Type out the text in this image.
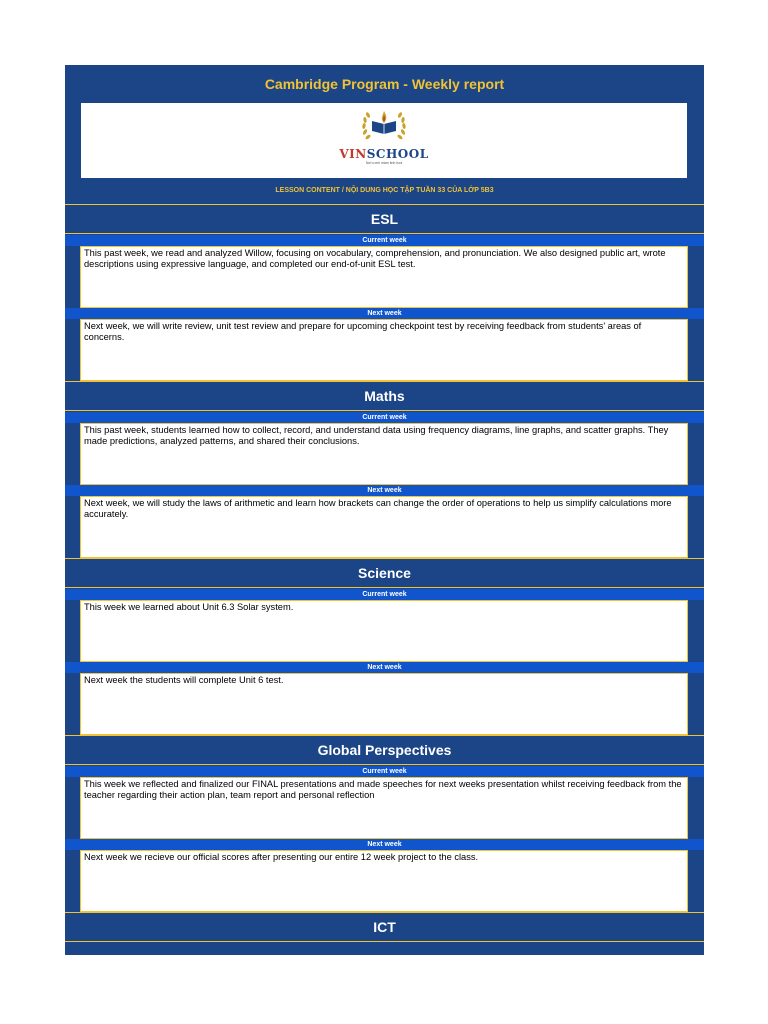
Cambridge Program - Weekly report
VINSCHOOL
Nơi ươm mầm tinh hoa
LESSON CONTENT / NỘI DUNG HỌC TẬP TUẦN 33 CỦA LỚP 5B3
ESL
Current week
This past week, we read and analyzed Willow, focusing on vocabulary, comprehension, and pronunciation. We also designed public art, wrote descriptions using expressive language, and completed our end-of-unit ESL test.
Next week
Next week, we will write review, unit test review and prepare for upcoming checkpoint test by receiving feedback from students' areas of concerns.
Maths
Current week
This past week, students learned how to collect, record, and understand data using frequency diagrams, line graphs, and scatter graphs. They made predictions, analyzed patterns, and shared their conclusions.
Next week
Next week, we will study the laws of arithmetic and learn how brackets can change the order of operations to help us simplify calculations more accurately.
Science
Current week
This week we learned about Unit 6.3 Solar system.
Next week
Next week the students will complete Unit 6 test.
Global Perspectives
Current week
This week we reflected and finalized our FINAL presentations and made speeches for next weeks presentation whilst receiving feedback from the teacher regarding their action plan, team report and personal reflection
Next week
Next week we recieve our official scores after presenting our entire 12 week project to the class.
ICT
